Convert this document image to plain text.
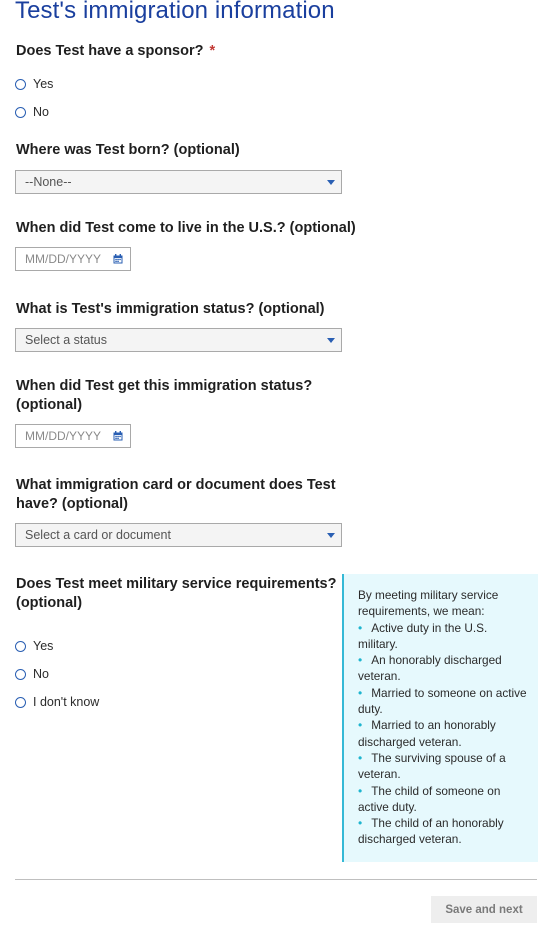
Test's immigration information

Does Test have a sponsor? *

Yes
No

Where was Test born? (optional)

--None--

When did Test come to live in the U.S.? (optional)

MM/DD/YYYY

What is Test's immigration status? (optional)

Select a status

When did Test get this immigration status?
(optional)

MM/DD/YYYY

What immigration card or document does Test
have? (optional)

Select a card or document

Does Test meet military service requirements?
(optional)

Yes
No
I don't know
By meeting military service
requirements, we mean:
• Active duty in the U.S.
military.
• An honorably discharged
veteran.
• Married to someone on active
duty.
• Married to an honorably
discharged veteran.
• The surviving spouse of a
veteran.
• The child of someone on
active duty.
• The child of an honorably
discharged veteran.
Save and next
